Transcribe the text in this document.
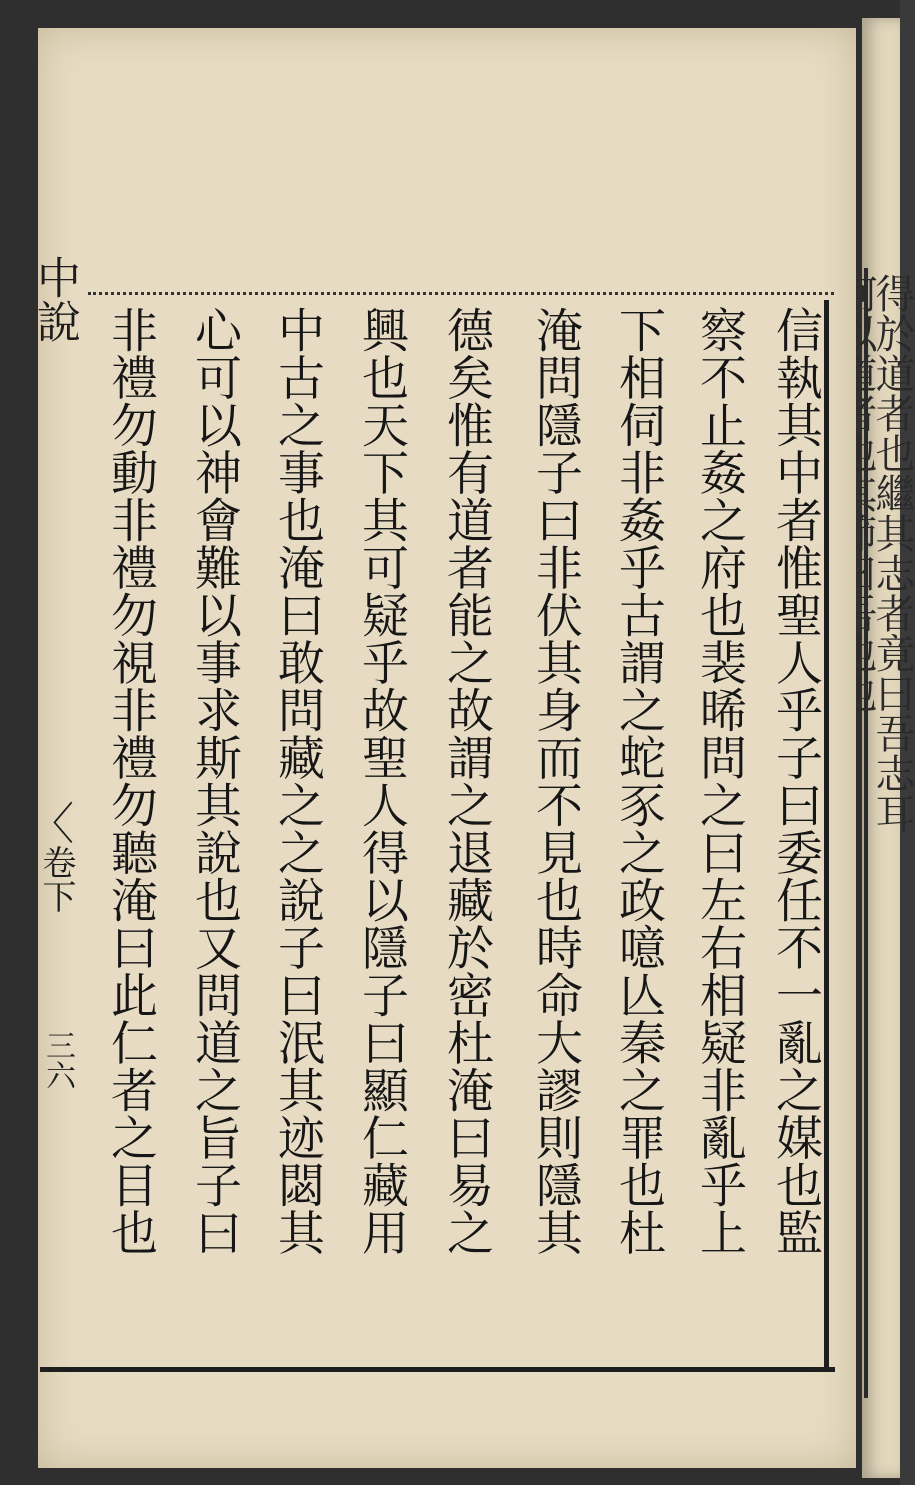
得於道者也繼其志者竟曰吾志耳
信執其中者惟聖人乎子曰委任不一亂之媒也監
察不止姦之府也裴晞問之曰左右相疑非亂乎上
下相伺非姦乎古謂之蛇豕之政噫亾秦之罪也杜
淹問隱子曰非伏其身而不見也時命大謬則隱其
德矣惟有道者能之故謂之退藏於密杜淹曰易之
興也天下其可疑乎故聖人得以隱子曰顯仁藏用
中古之事也淹曰敢問藏之之說子曰泯其迹閟其
心可以神會難以事求斯其說也又問道之旨子曰
非禮勿動非禮勿視非禮勿聽淹曰此仁者之目也
中說
〈
卷下
三六
